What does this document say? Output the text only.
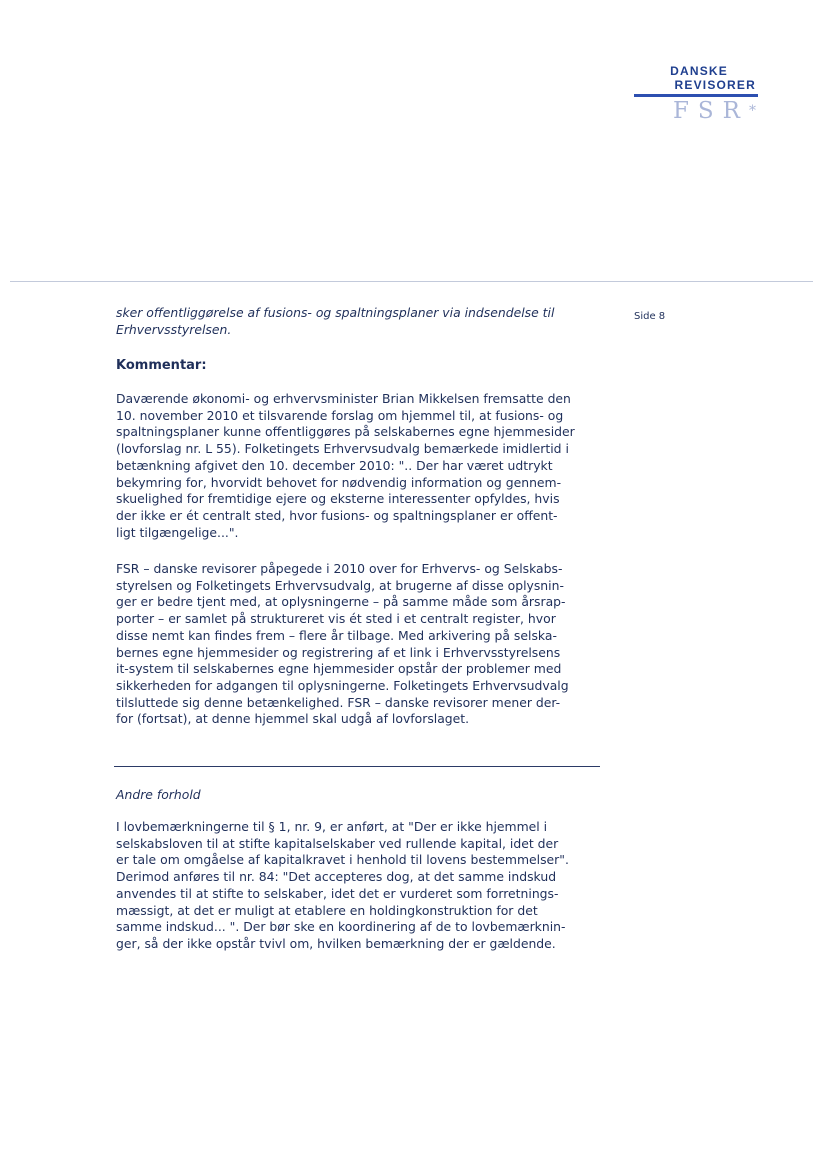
DANSKE
REVISORER
FSR*
Side 8

sker offentliggørelse af fusions- og spaltningsplaner via indsendelse til

Erhvervsstyrelsen.

Kommentar:

Daværende økonomi- og erhvervsminister Brian Mikkelsen fremsatte den

10. november 2010 et tilsvarende forslag om hjemmel til, at fusions- og

spaltningsplaner kunne offentliggøres på selskabernes egne hjemmesider

(lovforslag nr. L 55). Folketingets Erhvervsudvalg bemærkede imidlertid i

betænkning afgivet den 10. december 2010: ".. Der har været udtrykt

bekymring for, hvorvidt behovet for nødvendig information og gennem-

skuelighed for fremtidige ejere og eksterne interessenter opfyldes, hvis

der ikke er ét centralt sted, hvor fusions- og spaltningsplaner er offent-

ligt tilgængelige...".

FSR – danske revisorer påpegede i 2010 over for Erhvervs- og Selskabs-

styrelsen og Folketingets Erhvervsudvalg, at brugerne af disse oplysnin-

ger er bedre tjent med, at oplysningerne – på samme måde som årsrap-

porter – er samlet på struktureret vis ét sted i et centralt register, hvor

disse nemt kan findes frem – flere år tilbage. Med arkivering på selska-

bernes egne hjemmesider og registrering af et link i Erhvervsstyrelsens

it-system til selskabernes egne hjemmesider opstår der problemer med

sikkerheden for adgangen til oplysningerne. Folketingets Erhvervsudvalg

tilsluttede sig denne betænkelighed. FSR – danske revisorer mener der-

for (fortsat), at denne hjemmel skal udgå af lovforslaget.

Andre forhold

I lovbemærkningerne til § 1, nr. 9, er anført, at "Der er ikke hjemmel i

selskabsloven til at stifte kapitalselskaber ved rullende kapital, idet der

er tale om omgåelse af kapitalkravet i henhold til lovens bestemmelser".

Derimod anføres til nr. 84: "Det accepteres dog, at det samme indskud

anvendes til at stifte to selskaber, idet det er vurderet som forretnings-

mæssigt, at det er muligt at etablere en holdingkonstruktion for det

samme indskud... ". Der bør ske en koordinering af de to lovbemærknin-

ger, så der ikke opstår tvivl om, hvilken bemærkning der er gældende.
